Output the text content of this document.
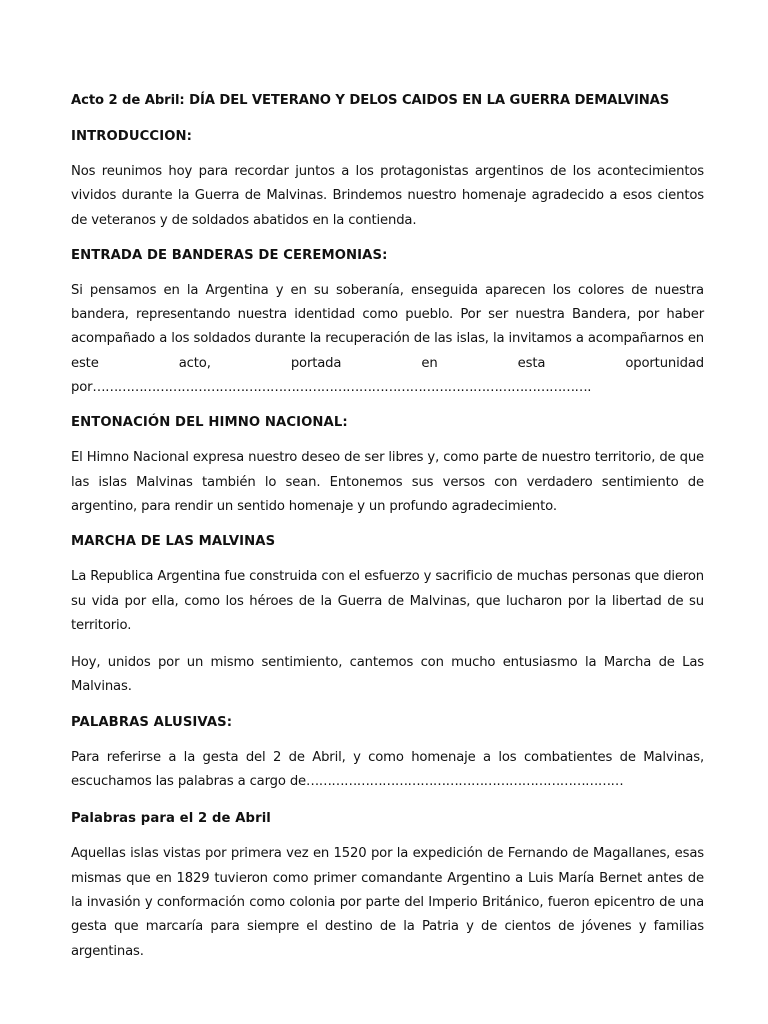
Acto 2 de Abril: DÍA DEL VETERANO Y DELOS CAIDOS EN LA GUERRA DEMALVINAS

INTRODUCCION:

Nos reunimos hoy para recordar juntos a los protagonistas argentinos de los acontecimientos vividos durante la Guerra de Malvinas. Brindemos nuestro homenaje agradecido a esos cientos de veteranos y de soldados abatidos en la contienda.

ENTRADA DE BANDERAS DE CEREMONIAS:

Si pensamos en la Argentina y en su soberanía, enseguida aparecen los colores de nuestra bandera, representando nuestra identidad como pueblo. Por ser nuestra Bandera, por haber acompañado a los soldados durante la recuperación de las islas, la invitamos a acompañarnos en este acto, portada en esta oportunidad por……………………………………………………………………………………………………….

ENTONACIÓN DEL HIMNO NACIONAL:

El Himno Nacional expresa nuestro deseo de ser libres y, como parte de nuestro territorio, de que las islas Malvinas también lo sean. Entonemos sus versos con verdadero sentimiento de argentino, para rendir un sentido homenaje y un profundo agradecimiento.

MARCHA DE LAS MALVINAS

La Republica Argentina fue construida con el esfuerzo y sacrificio de muchas personas que dieron su vida por ella, como los héroes de la Guerra de Malvinas, que lucharon por la libertad de su territorio.

Hoy, unidos por un mismo sentimiento, cantemos con mucho entusiasmo la Marcha de Las Malvinas.

PALABRAS ALUSIVAS:

Para referirse a la gesta del 2 de Abril, y como homenaje a los combatientes de Malvinas, escuchamos las palabras a cargo de…………………………………………………………………

Palabras para el 2 de Abril

Aquellas islas vistas por primera vez en 1520 por la expedición de Fernando de Magallanes, esas mismas que en 1829 tuvieron como primer comandante Argentino a Luis María Bernet antes de la invasión y conformación como colonia por parte del Imperio Británico, fueron epicentro de una gesta que marcaría para siempre el destino de la Patria y de cientos de jóvenes y familias argentinas.
